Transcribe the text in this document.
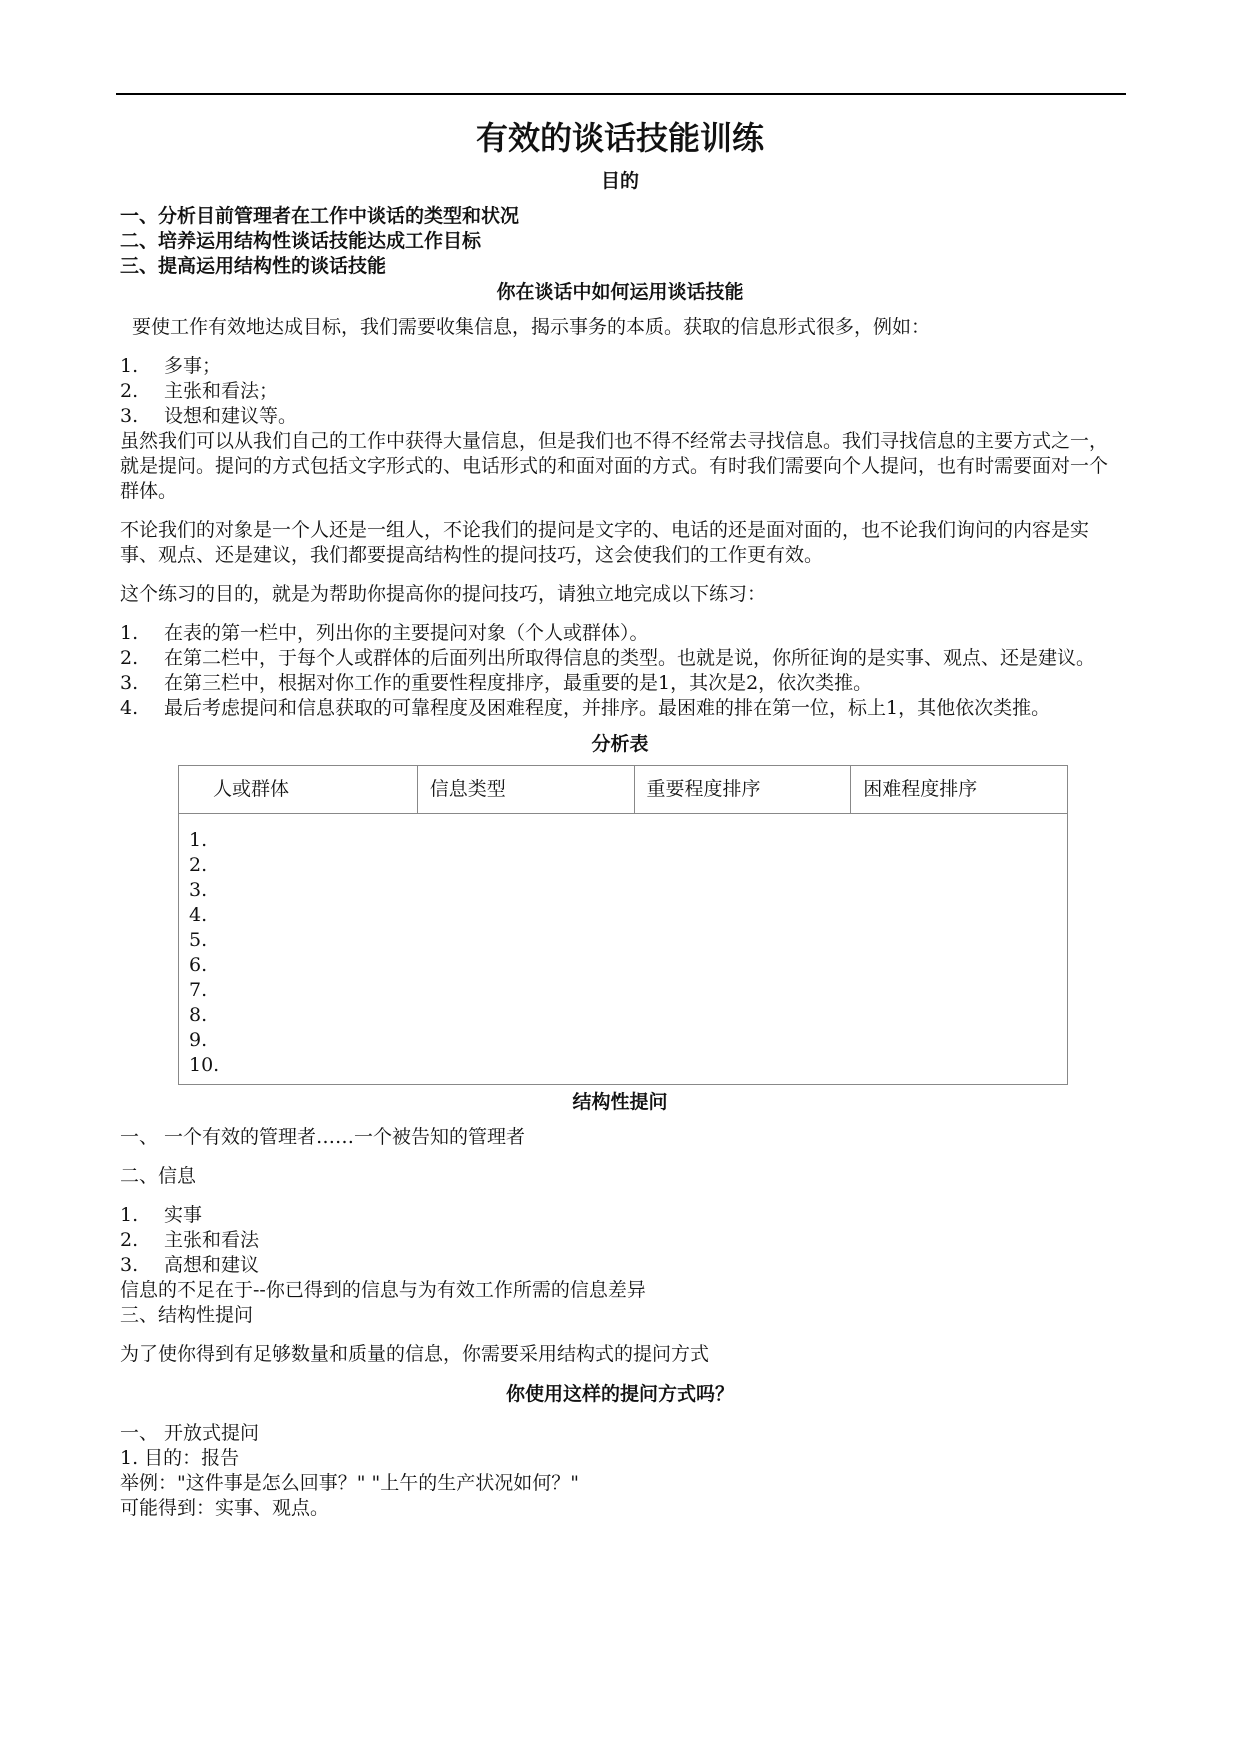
有效的谈话技能训练
目的
一、分析目前管理者在工作中谈话的类型和状况
二、培养运用结构性谈话技能达成工作目标
三、提高运用结构性的谈话技能
你在谈话中如何运用谈话技能

要使工作有效地达成目标，我们需要收集信息，揭示事务的本质。获取的信息形式很多，例如：

1. 多事；
2. 主张和看法；
3. 设想和建议等。

虽然我们可以从我们自己的工作中获得大量信息，但是我们也不得不经常去寻找信息。我们寻找信息的主要方式之一，就是提问。提问的方式包括文字形式的、电话形式的和面对面的方式。有时我们需要向个人提问，也有时需要面对一个群体。

不论我们的对象是一个人还是一组人，不论我们的提问是文字的、电话的还是面对面的，也不论我们询问的内容是实事、观点、还是建议，我们都要提高结构性的提问技巧，这会使我们的工作更有效。

这个练习的目的，就是为帮助你提高你的提问技巧，请独立地完成以下练习：

1. 在表的第一栏中，列出你的主要提问对象（个人或群体）。
2. 在第二栏中，于每个人或群体的后面列出所取得信息的类型。也就是说，你所征询的是实事、观点、还是建议。
3. 在第三栏中，根据对你工作的重要性程度排序，最重要的是1，其次是2，依次类推。
4. 最后考虑提问和信息获取的可靠程度及困难程度，并排序。最困难的排在第一位，标上1，其他依次类推。
分析表
人或群体	信息类型	重要程度排序	困难程度排序

1.
2.
3.
4.
5.
6.
7.
8.
9.
10.
结构性提问

一、 一个有效的管理者……一个被告知的管理者

二、信息

1. 实事
2. 主张和看法
3. 高想和建议

信息的不足在于--你已得到的信息与为有效工作所需的信息差异

三、结构性提问

为了使你得到有足够数量和质量的信息，你需要采用结构式的提问方式

你使用这样的提问方式吗？

一、 开放式提问

1. 目的：报告

举例："这件事是怎么回事？" "上午的生产状况如何？"

可能得到：实事、观点。
